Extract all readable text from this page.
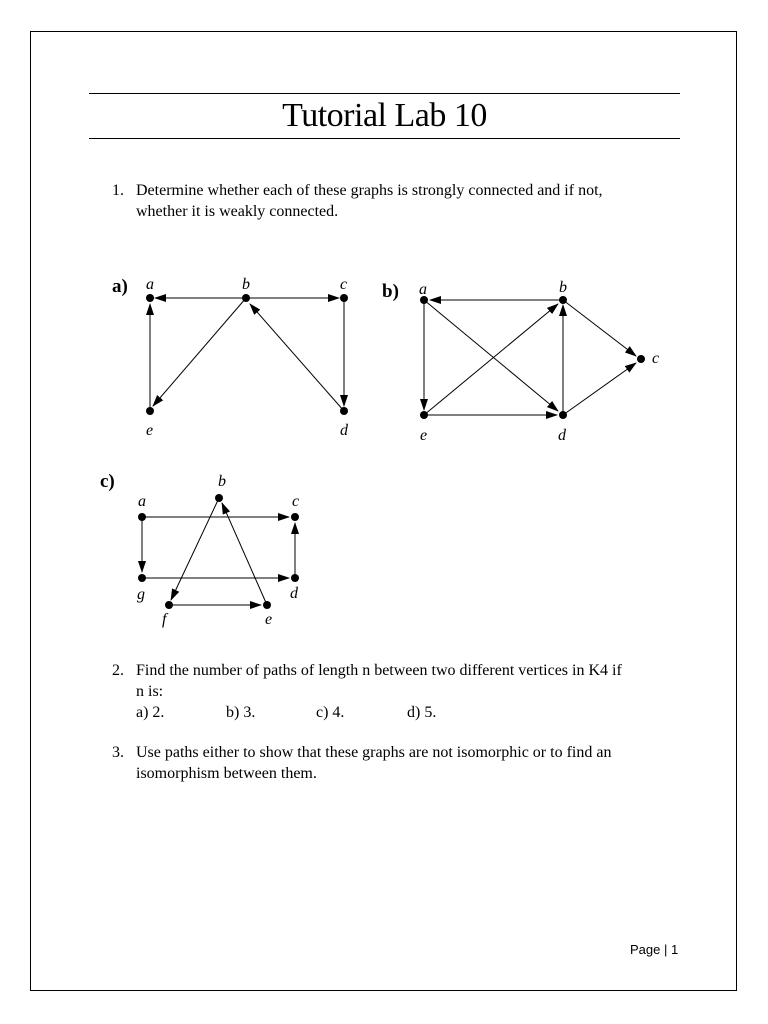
Tutorial Lab 10
1. Determine whether each of these graphs is strongly connected and if not,
whether it is weakly connected.
a) a	b	c
d
e
b) a	b
c
d
e
c)
a
b
c
d
e
f
g
2. Find the number of paths of length n between two different vertices in K4 if
n is:
a) 2.	b) 3.	c) 4.	d) 5.
3. Use paths either to show that these graphs are not isomorphic or to find an
isomorphism between them.
Page | 1
